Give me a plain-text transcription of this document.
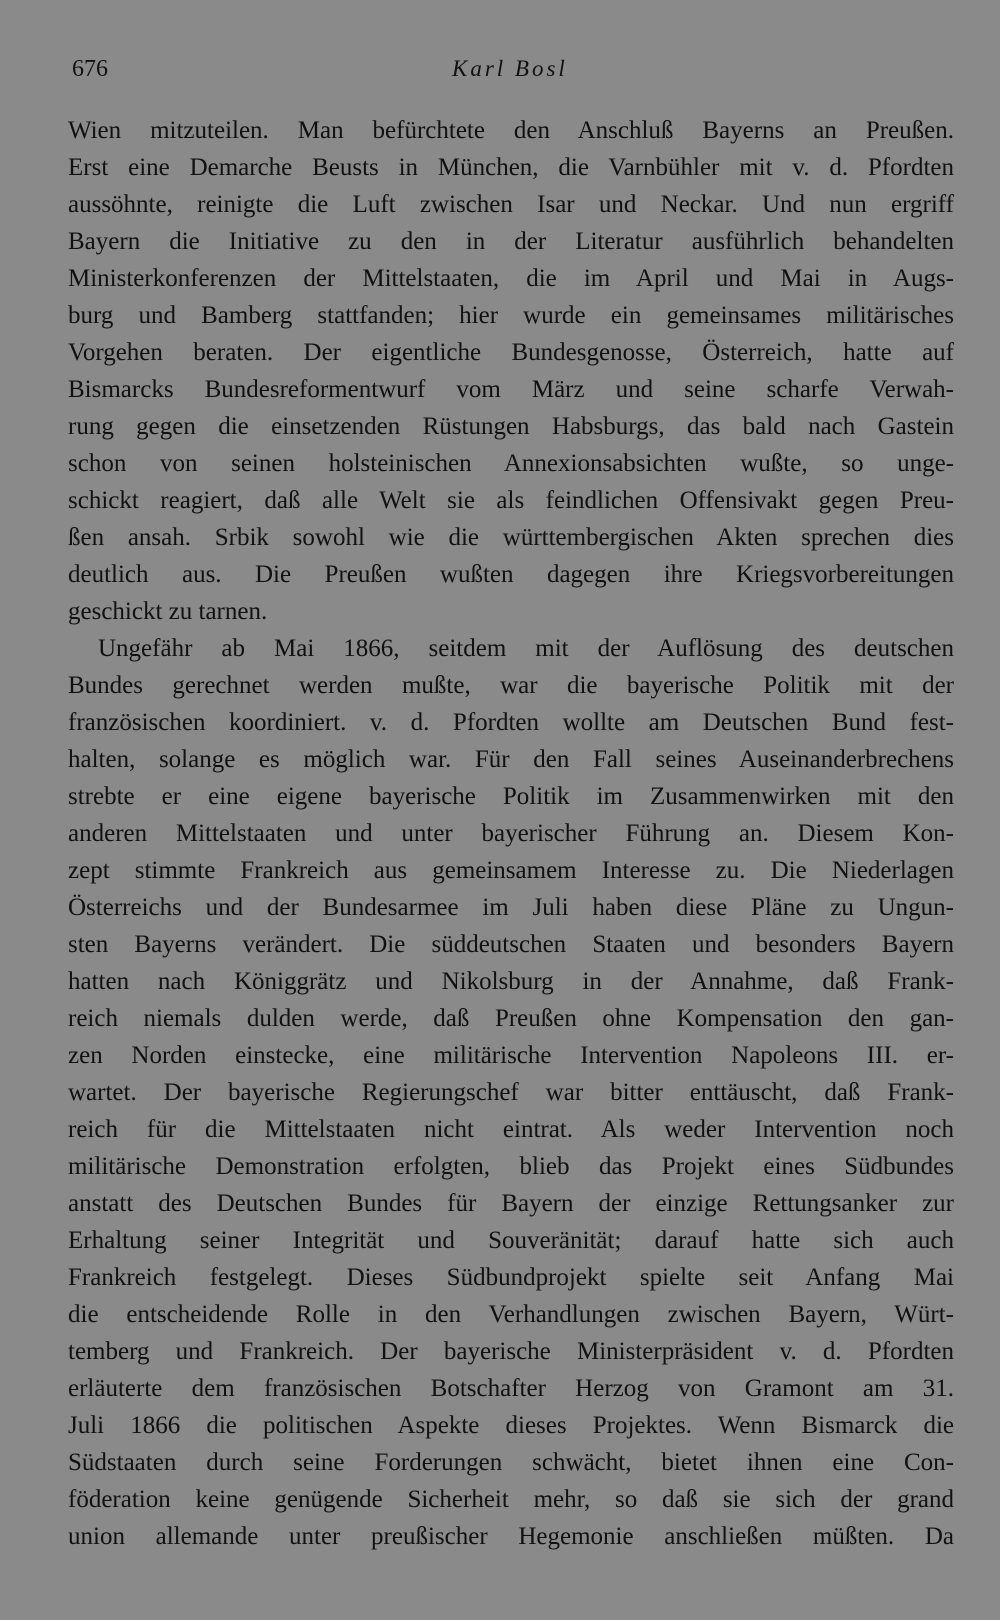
676	Karl Bosl
Wien mitzuteilen. Man befürchtete den Anschluß Bayerns an Preußen.
Erst eine Demarche Beusts in München, die Varnbühler mit v. d. Pfordten
aussöhnte, reinigte die Luft zwischen Isar und Neckar. Und nun ergriff
Bayern die Initiative zu den in der Literatur ausführlich behandelten
Ministerkonferenzen der Mittelstaaten, die im April und Mai in Augs-
burg und Bamberg stattfanden; hier wurde ein gemeinsames militärisches
Vorgehen beraten. Der eigentliche Bundesgenosse, Österreich, hatte auf
Bismarcks Bundesreformentwurf vom März und seine scharfe Verwah-
rung gegen die einsetzenden Rüstungen Habsburgs, das bald nach Gastein
schon von seinen holsteinischen Annexionsabsichten wußte, so unge-
schickt reagiert, daß alle Welt sie als feindlichen Offensivakt gegen Preu-
ßen ansah. Srbik sowohl wie die württembergischen Akten sprechen dies
deutlich aus. Die Preußen wußten dagegen ihre Kriegsvorbereitungen
geschickt zu tarnen.
Ungefähr ab Mai 1866, seitdem mit der Auflösung des deutschen
Bundes gerechnet werden mußte, war die bayerische Politik mit der
französischen koordiniert. v. d. Pfordten wollte am Deutschen Bund fest-
halten, solange es möglich war. Für den Fall seines Auseinanderbrechens
strebte er eine eigene bayerische Politik im Zusammenwirken mit den
anderen Mittelstaaten und unter bayerischer Führung an. Diesem Kon-
zept stimmte Frankreich aus gemeinsamem Interesse zu. Die Niederlagen
Österreichs und der Bundesarmee im Juli haben diese Pläne zu Ungun-
sten Bayerns verändert. Die süddeutschen Staaten und besonders Bayern
hatten nach Königgrätz und Nikolsburg in der Annahme, daß Frank-
reich niemals dulden werde, daß Preußen ohne Kompensation den gan-
zen Norden einstecke, eine militärische Intervention Napoleons III. er-
wartet. Der bayerische Regierungschef war bitter enttäuscht, daß Frank-
reich für die Mittelstaaten nicht eintrat. Als weder Intervention noch
militärische Demonstration erfolgten, blieb das Projekt eines Südbundes
anstatt des Deutschen Bundes für Bayern der einzige Rettungsanker zur
Erhaltung seiner Integrität und Souveränität; darauf hatte sich auch
Frankreich festgelegt. Dieses Südbundprojekt spielte seit Anfang Mai
die entscheidende Rolle in den Verhandlungen zwischen Bayern, Würt-
temberg und Frankreich. Der bayerische Ministerpräsident v. d. Pfordten
erläuterte dem französischen Botschafter Herzog von Gramont am 31.
Juli 1866 die politischen Aspekte dieses Projektes. Wenn Bismarck die
Südstaaten durch seine Forderungen schwächt, bietet ihnen eine Con-
föderation keine genügende Sicherheit mehr, so daß sie sich der grand
union allemande unter preußischer Hegemonie anschließen müßten. Da
